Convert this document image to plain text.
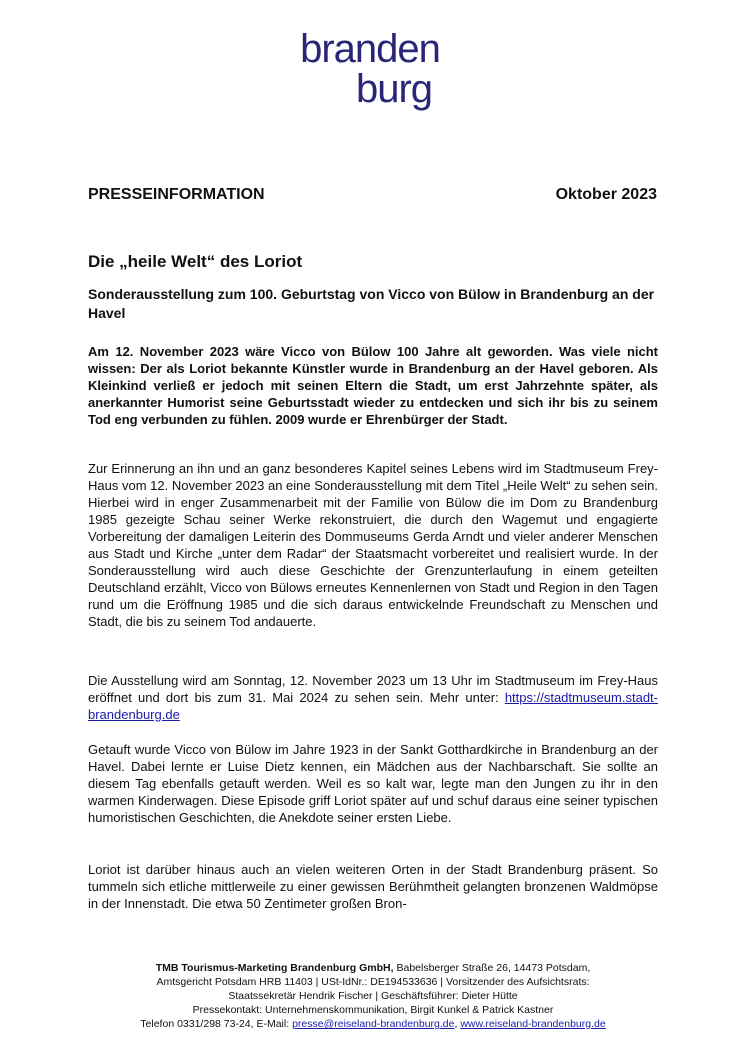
branden
burg
PRESSEINFORMATION	Oktober 2023
Die „heile Welt“ des Loriot

Sonderausstellung zum 100. Geburtstag von Vicco von Bülow in Brandenburg an der Havel

Am 12. November 2023 wäre Vicco von Bülow 100 Jahre alt geworden. Was viele nicht wissen: Der als Loriot bekannte Künstler wurde in Brandenburg an der Havel geboren. Als Kleinkind verließ er jedoch mit seinen Eltern die Stadt, um erst Jahrzehnte später, als anerkannter Humorist seine Geburtsstadt wieder zu entdecken und sich ihr bis zu seinem Tod eng verbunden zu fühlen. 2009 wurde er Ehrenbürger der Stadt.

Zur Erinnerung an ihn und an ganz besonderes Kapitel seines Lebens wird im Stadtmuseum Frey-Haus vom 12. November 2023 an eine Sonderausstellung mit dem Titel „Heile Welt“ zu sehen sein. Hierbei wird in enger Zusammenarbeit mit der Familie von Bülow die im Dom zu Brandenburg 1985 gezeigte Schau seiner Werke rekonstruiert, die durch den Wagemut und engagierte Vorbereitung der damaligen Leiterin des Dommuseums Gerda Arndt und vieler anderer Menschen aus Stadt und Kirche „unter dem Radar“ der Staatsmacht vorbereitet und realisiert wurde. In der Sonderausstellung wird auch diese Geschichte der Grenzunterlaufung in einem geteilten Deutschland erzählt, Vicco von Bülows erneutes Kennenlernen von Stadt und Region in den Tagen rund um die Eröffnung 1985 und die sich daraus entwickelnde Freundschaft zu Menschen und Stadt, die bis zu seinem Tod andauerte.

Die Ausstellung wird am Sonntag, 12. November 2023 um 13 Uhr im Stadtmuseum im Frey-Haus eröffnet und dort bis zum 31. Mai 2024 zu sehen sein. Mehr unter: https://stadtmuseum.stadt-brandenburg.de

Getauft wurde Vicco von Bülow im Jahre 1923 in der Sankt Gotthardkirche in Brandenburg an der Havel. Dabei lernte er Luise Dietz kennen, ein Mädchen aus der Nachbarschaft. Sie sollte an diesem Tag ebenfalls getauft werden. Weil es so kalt war, legte man den Jungen zu ihr in den warmen Kinderwagen. Diese Episode griff Loriot später auf und schuf daraus eine seiner typischen humoristischen Geschichten, die Anekdote seiner ersten Liebe.

Loriot ist darüber hinaus auch an vielen weiteren Orten in der Stadt Brandenburg präsent. So tummeln sich etliche mittlerweile zu einer gewissen Berühmtheit gelangten bronzenen Waldmöpse in der Innenstadt. Die etwa 50 Zentimeter großen Bron-

TMB Tourismus-Marketing Brandenburg GmbH, Babelsberger Straße 26, 14473 Potsdam,
Amtsgericht Potsdam HRB 11403 | USt-IdNr.: DE194533636 | Vorsitzender des Aufsichtsrats:
Staatssekretär Hendrik Fischer | Geschäftsführer: Dieter Hütte
Pressekontakt: Unternehmenskommunikation, Birgit Kunkel & Patrick Kastner
Telefon 0331/298 73-24, E-Mail: presse@reiseland-brandenburg.de, www.reiseland-brandenburg.de
